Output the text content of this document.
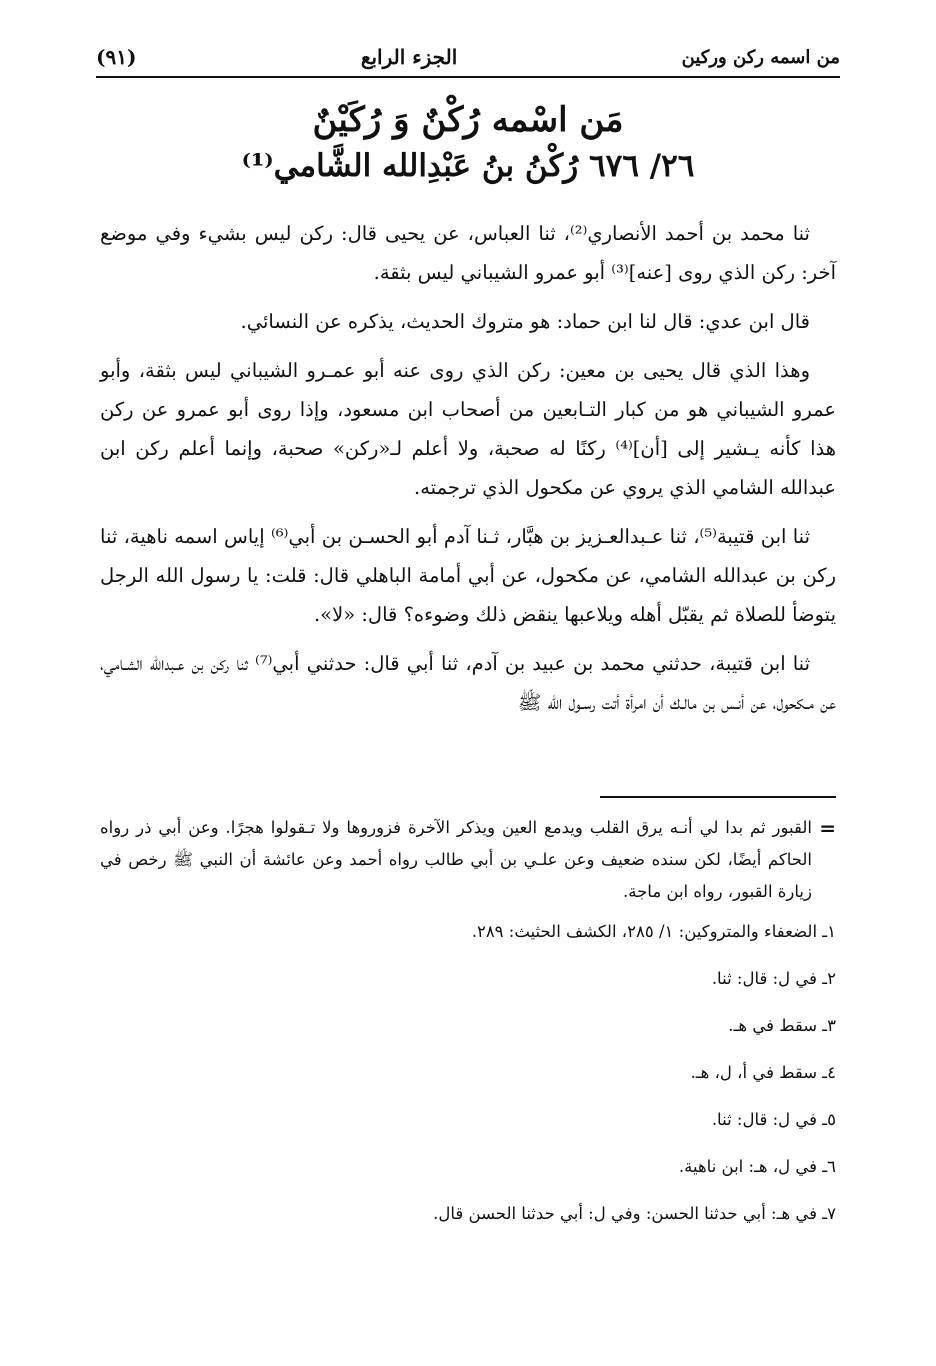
من اسمه ركن وركين
الجزء الرابع
(٩١)
مَن اسْمه رُكْنٌ وَ رُكَيْنٌ
٢٦/ ٦٧٦ رُكْنُ بنُ عَبْدِالله الشَّامي⁽¹⁾

ثنا محمد بن أحمد الأنصاري⁽²⁾، ثنا العباس، عن يحيى قال: ركن ليس بشيء وفي موضع آخر: ركن الذي روى [عنه]⁽³⁾ أبو عمرو الشيباني ليس بثقة.

قال ابن عدي: قال لنا ابن حماد: هو متروك الحديث، يذكره عن النسائي.

وهذا الذي قال يحيى بن معين: ركن الذي روى عنه أبو عمـرو الشيباني ليس بثقة، وأبو عمرو الشيباني هو من كبار التـابعين من أصحاب ابن مسعود، وإذا روى أبو عمرو عن ركن هذا كأنه يـشير إلى [أن]⁽⁴⁾ ركنًا له صحبة، ولا أعلم لـ«ركن» صحبة، وإنما أعلم ركن ابن عبدالله الشامي الذي يروي عن مكحول الذي ترجمته.

ثنا ابن قتيبة⁽⁵⁾، ثنا عـبدالعـزيز بن هبَّار، ثـنا آدم أبو الحسـن بن أبي⁽⁶⁾ إياس اسمه ناهية، ثنا ركن بن عبدالله الشامي، عن مكحول، عن أبي أمامة الباهلي قال: قلت: يا رسول الله الرجل يتوضأ للصلاة ثم يقبّل أهله ويلاعبها ينقض ذلك وضوءه؟ قال: «لا».

ثنا ابن قتيبة، حدثني محمد بن عبيد بن آدم، ثنا أبي قال: حدثني أبي⁽⁷⁾ ثنا ركن بن عـبدالله الشـامي، عن مـكحول، عن أنـس بن مالـك أن امرأة أتت رسـول الله ﷺ

=
القبور ثم بدا لي أنـه يرق القلب ويدمع العين ويذكر الآخرة فزوروها ولا تـقولوا هجرًا. وعن أبي ذر رواه الحاكم أيضًا، لكن سنده ضعيف وعن علـي بن أبي طالب رواه أحمد وعن عائشة أن النبي ﷺ رخص في زيارة القبور، رواه ابن ماجة.
١ـ الضعفاء والمتروكين: ١/ ٢٨٥، الكشف الحثيث: ٢٨٩.
٢ـ في ل: قال: ثنا.
٣ـ سقط في هـ.
٤ـ سقط في أ، ل، هـ.
٥ـ في ل: قال: ثنا.
٦ـ في ل، هـ: ابن ناهية.
٧ـ في هـ: أبي حدثنا الحسن: وفي ل: أبي حدثنا الحسن قال.
